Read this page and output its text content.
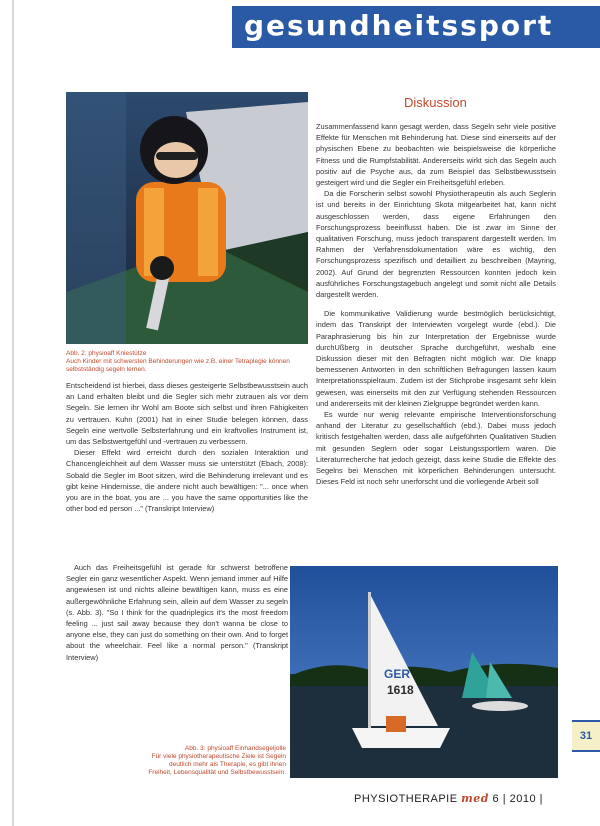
gesundheitssport
31
Abb. 2: physioaff Kniestütze
Auch Kinder mit schwersten Behinderungen wie z.B. einer Tetraplegie können selbstständig segeln lernen.
Diskussion

Zusammenfassend kann gesagt werden, dass Segeln sehr viele positive Effekte für Menschen mit Behinderung hat. Diese sind einerseits auf der physischen Ebene zu beobachten wie beispielsweise die körperliche Fitness und die Rumpfstabilität. Andererseits wirkt sich das Segeln auch positiv auf die Psyche aus, da zum Beispiel das Selbstbewusstsein gesteigert wird und die Segler ein Freiheitsgefühl erleben.

Da die Forscherin selbst sowohl Physiotherapeutin als auch Seglerin ist und bereits in der Einrichtung Skota mitgearbeitet hat, kann nicht ausgeschlossen werden, dass eigene Erfahrungen den Forschungsprozess beeinflusst haben. Die ist zwar im Sinne der qualitativen Forschung, muss jedoch transparent dargestellt werden. Im Rahmen der Verfahrensdokumentation wäre es wichtig, den Forschungsprozess spezifisch und detailliert zu beschreiben (Mayring, 2002). Auf Grund der begrenzten Ressourcen konnten jedoch kein ausführliches Forschungstagebuch angelegt und somit nicht alle Details dargestellt werden.

Die kommunikative Validierung wurde bestmöglich berücksichtigt, indem das Transkript der Interviewten vorgelegt wurde (ebd.). Die Paraphrasierung bis hin zur Interpretation der Ergebnisse wurde durchUßberg in deutscher Sprache durchgeführt, weshalb eine Diskussion dieser mit den Befragten nicht möglich war. Die knapp bemessenen Antworten in den schriftlichen Befragungen lassen kaum Interpretationsspielraum. Zudem ist der Stichprobe insgesamt sehr klein gewesen, was einerseits mit den zur Verfügung stehenden Ressourcen und andererseits mit der kleinen Zielgruppe begründet werden kann.

Es wurde nur wenig relevante empirische Interventionsforschung anhand der Literatur zu gesellschaftlich (ebd.). Dabei muss jedoch kritisch festgehalten werden, dass alle aufgeführten Qualitativen Studien mit gesunden Seglern oder sogar Leistungssportlern waren. Die Literaturrecherche hat jedoch gezeigt, dass keine Studie die Effekte des Segelns bei Menschen mit körperlichen Behinderungen untersucht. Dieses Feld ist noch sehr unerforscht und die vorliegende Arbeit soll

Entscheidend ist hierbei, dass dieses gesteigerte Selbstbewusstsein auch an Land erhalten bleibt und die Segler sich mehr zutrauen als vor dem Segeln. Sie lernen ihr Wohl am Boote sich selbst und ihren Fähigkeiten zu vertrauen. Kuhn (2001) hat in einer Studie belegen können, dass Segeln eine wertvolle Selbsterfahrung und ein kraftvolles Instrument ist, um das Selbstwertgefühl und -vertrauen zu verbessern.

Dieser Effekt wird erreicht durch den sozialen Interaktion und Chancengleichheit auf dem Wasser muss sie unterstützt (Ebach, 2008): Sobald die Segler im Boot sitzen, wird die Behinderung irrelevant und es gibt keine Hindernisse, die andere nicht auch bewältigen: "... once when you are in the boat, you are ... you have the same opportunities like the other bod ed person ..." (Transkript Interview)

Auch das Freiheitsgefühl ist gerade für schwerst betroffene Segler ein ganz wesentlicher Aspekt. Wenn jemand immer auf Hilfe angewiesen ist und nichts alleine bewältigen kann, muss es eine außergewöhnliche Erfahrung sein, allein auf dem Wasser zu segeln (s. Abb. 3). "So I think for the quadriplegics it's the most freedom feeling ... just sail away because they don't wanna be close to anyone else, they can just do something on their own. And to forget about the wheelchair. Feel like a normal person." (Transkript Interview)

GER
1618
Abb. 3: physioaff Einhandsegeljolle
Für viele physiotherapeutische Ziele ist Segeln deutlich mehr als Therapie, es gibt ihnen Freiheit, Lebensqualität und Selbstbewusstsein.
PHYSIOTHERAPIE med 6 | 2010 |
